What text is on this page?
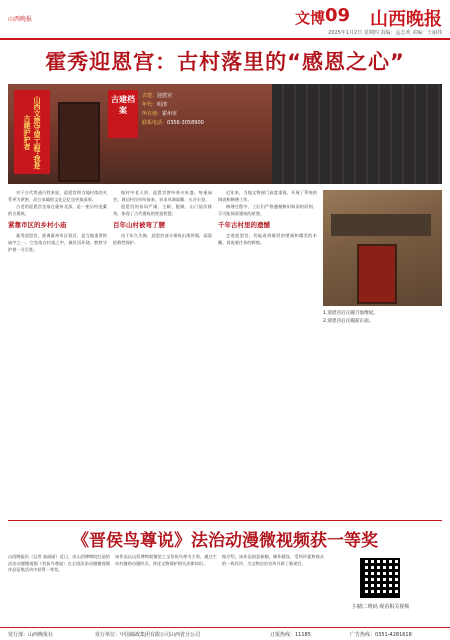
山西晚报	文博 09 山西晚报
2025年1月2日 星期四 责编：孟志欢 美编：王丽玮
霍秀迎恩宫：古村落里的“感恩之心”
山西文旅守望工程·我是古建护护者
古建档案
古建：迎恩宫
年代：明清
所在地：霍州市
联系电话：0356-3058900

对于古代普通百姓来说，迎恩宫和当地村落的关系更为紧密，而它承载的文化记忆也更加深厚。

古老的迎恩宫坐落在霍州北部，是一座历经沧桑的古建筑。

紧靠市区的乡村小庙

霍秀迎恩宫，距离霍州市区很近，是当地重要的庙宇之一。它坐落在村落之中，被民居环绕，默默守护着一方百姓。

据村中老人讲，迎恩宫曾经香火旺盛，每逢庙会，周边村民纷纷前来，祈求风调雨顺、五谷丰登。

迎恩宫的布局严谨，主殿、配殿、山门依次排列，体现了古代建筑的营造智慧。

百年山村被弯了腰

由于年久失修，迎恩宫部分建筑出现坍塌，亟需抢救性保护。

近年来，当地文物部门高度重视，开展了系统的调查和修缮工作。

修缮过程中，工匠们严格遵循修旧如旧的原则，尽可能保留建筑的原貌。

千年古村里的遗憾

走进迎恩宫，仍能看到斑驳的壁画和精美的木雕，诉说着往昔的辉煌。

1.迎恩宫后正殿刀仙像屋。
2.迎恩宫后正殿前正面。
《晋侯鸟尊说》法治动漫微视频获一等奖
山西晚报讯（记者 高丽丽）近日，由山西博物院打造的法治动漫微视频《晋侯鸟尊说》在全国法治动漫微视频作品征集活动中获得一等奖。
该作品以山西博物院镇馆之宝晋侯鸟尊为主角，通过生动有趣的动漫形式，讲述文物保护相关法律知识。
据介绍，该作品创意新颖，制作精良，受到评委和观众的一致好评，为文物法治宣传开辟了新途径。
扫描二维码 观看相关视频
发行部：山西晚报社	发行单位：中国邮政集团有限公司山西省分公司	订报热线：11185	广告热线：0351-4281618
